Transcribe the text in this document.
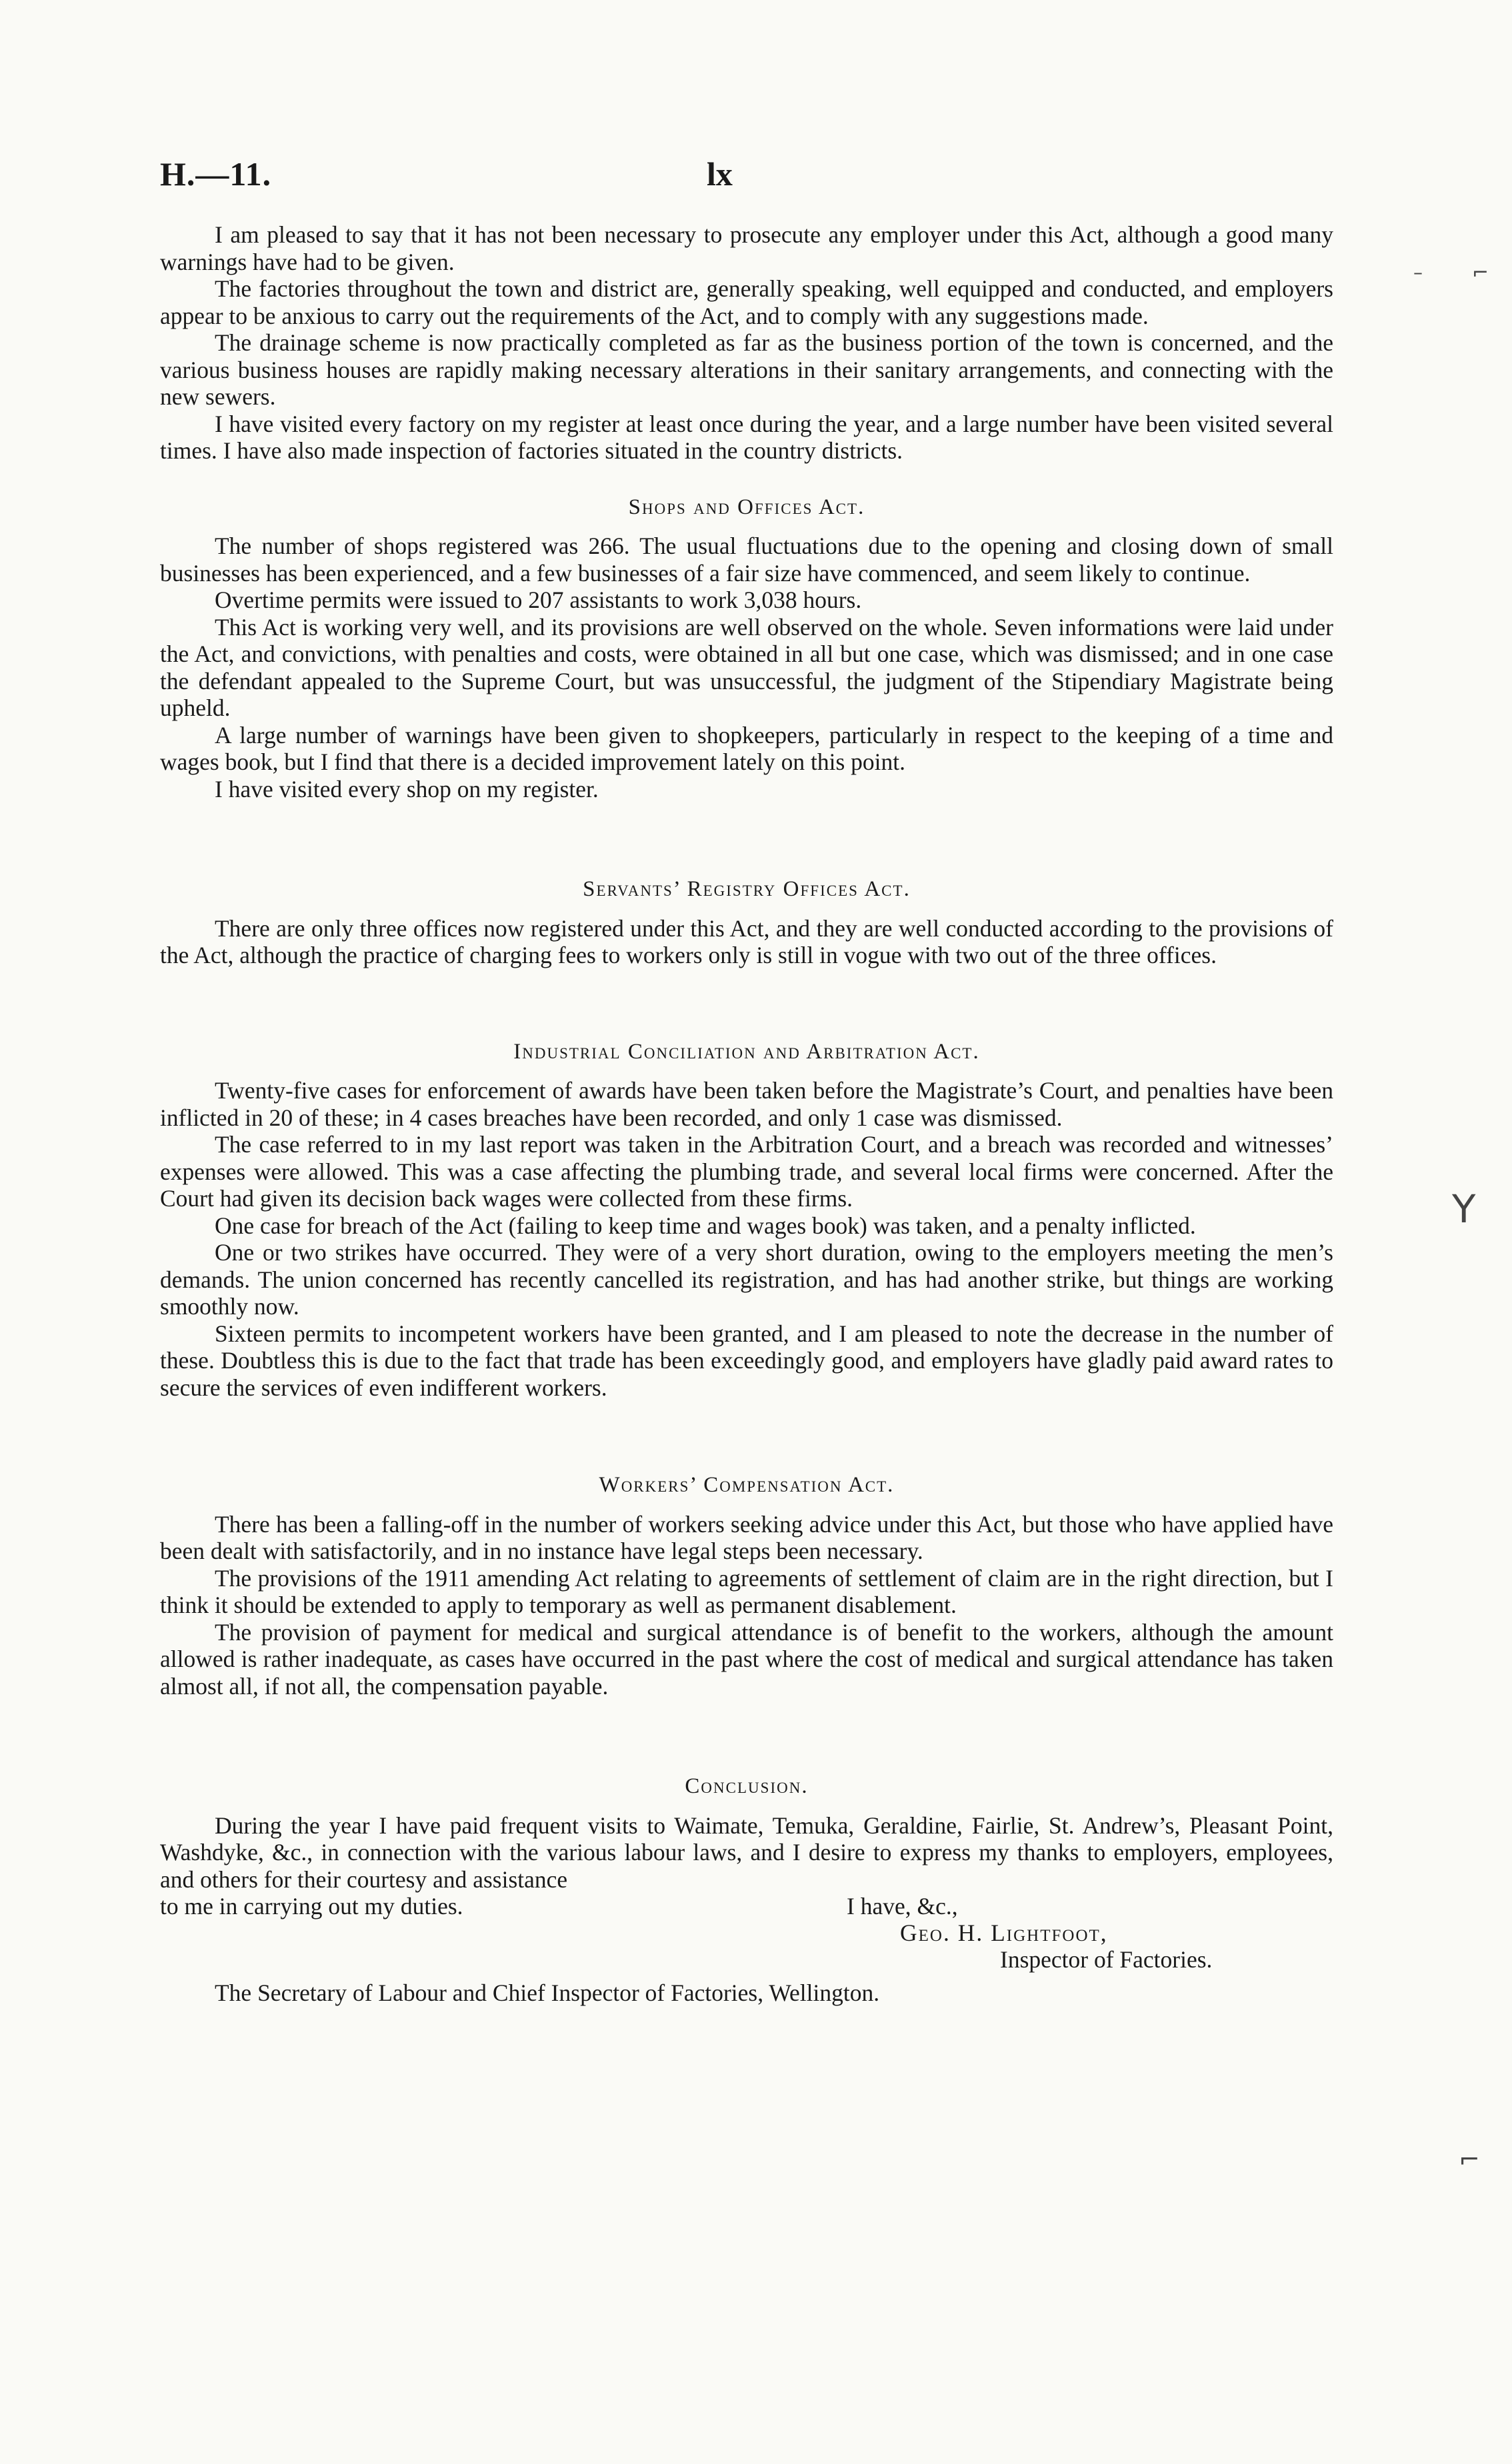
H.—11.	lx

I am pleased to say that it has not been necessary to prosecute any employer under this Act, although a good many warnings have had to be given.

The factories throughout the town and district are, generally speaking, well equipped and conducted, and employers appear to be anxious to carry out the requirements of the Act, and to comply with any suggestions made.

The drainage scheme is now practically completed as far as the business portion of the town is concerned, and the various business houses are rapidly making necessary alterations in their sanitary arrangements, and connecting with the new sewers.

I have visited every factory on my register at least once during the year, and a large number have been visited several times. I have also made inspection of factories situated in the country districts.

Shops and Offices Act.

The number of shops registered was 266. The usual fluctuations due to the opening and closing down of small businesses has been experienced, and a few businesses of a fair size have commenced, and seem likely to continue.

Overtime permits were issued to 207 assistants to work 3,038 hours.

This Act is working very well, and its provisions are well observed on the whole. Seven informations were laid under the Act, and convictions, with penalties and costs, were obtained in all but one case, which was dismissed; and in one case the defendant appealed to the Supreme Court, but was unsuccessful, the judgment of the Stipendiary Magistrate being upheld.

A large number of warnings have been given to shopkeepers, particularly in respect to the keeping of a time and wages book, but I find that there is a decided improvement lately on this point.

I have visited every shop on my register.

Servants’ Registry Offices Act.

There are only three offices now registered under this Act, and they are well conducted according to the provisions of the Act, although the practice of charging fees to workers only is still in vogue with two out of the three offices.

Industrial Conciliation and Arbitration Act.

Twenty-five cases for enforcement of awards have been taken before the Magistrate’s Court, and penalties have been inflicted in 20 of these; in 4 cases breaches have been recorded, and only 1 case was dismissed.

The case referred to in my last report was taken in the Arbitration Court, and a breach was recorded and witnesses’ expenses were allowed. This was a case affecting the plumbing trade, and several local firms were concerned. After the Court had given its decision back wages were collected from these firms.

One case for breach of the Act (failing to keep time and wages book) was taken, and a penalty inflicted.

One or two strikes have occurred. They were of a very short duration, owing to the employers meeting the men’s demands. The union concerned has recently cancelled its registration, and has had another strike, but things are working smoothly now.

Sixteen permits to incompetent workers have been granted, and I am pleased to note the decrease in the number of these. Doubtless this is due to the fact that trade has been exceedingly good, and employers have gladly paid award rates to secure the services of even indifferent workers.

Workers’ Compensation Act.

There has been a falling-off in the number of workers seeking advice under this Act, but those who have applied have been dealt with satisfactorily, and in no instance have legal steps been necessary.

The provisions of the 1911 amending Act relating to agreements of settlement of claim are in the right direction, but I think it should be extended to apply to temporary as well as permanent disablement.

The provision of payment for medical and surgical attendance is of benefit to the workers, although the amount allowed is rather inadequate, as cases have occurred in the past where the cost of medical and surgical attendance has taken almost all, if not all, the compensation payable.

Conclusion.

During the year I have paid frequent visits to Waimate, Temuka, Geraldine, Fairlie, St. Andrew’s, Pleasant Point, Washdyke, &c., in connection with the various labour laws, and I desire to express my thanks to employers, employees, and others for their courtesy and assistance

to me in carrying out my duties.	I have, &c.,
Geo. H. Lightfoot,
Inspector of Factories.
The Secretary of Labour and Chief Inspector of Factories, Wellington.
– ⌐
Y
⌐
